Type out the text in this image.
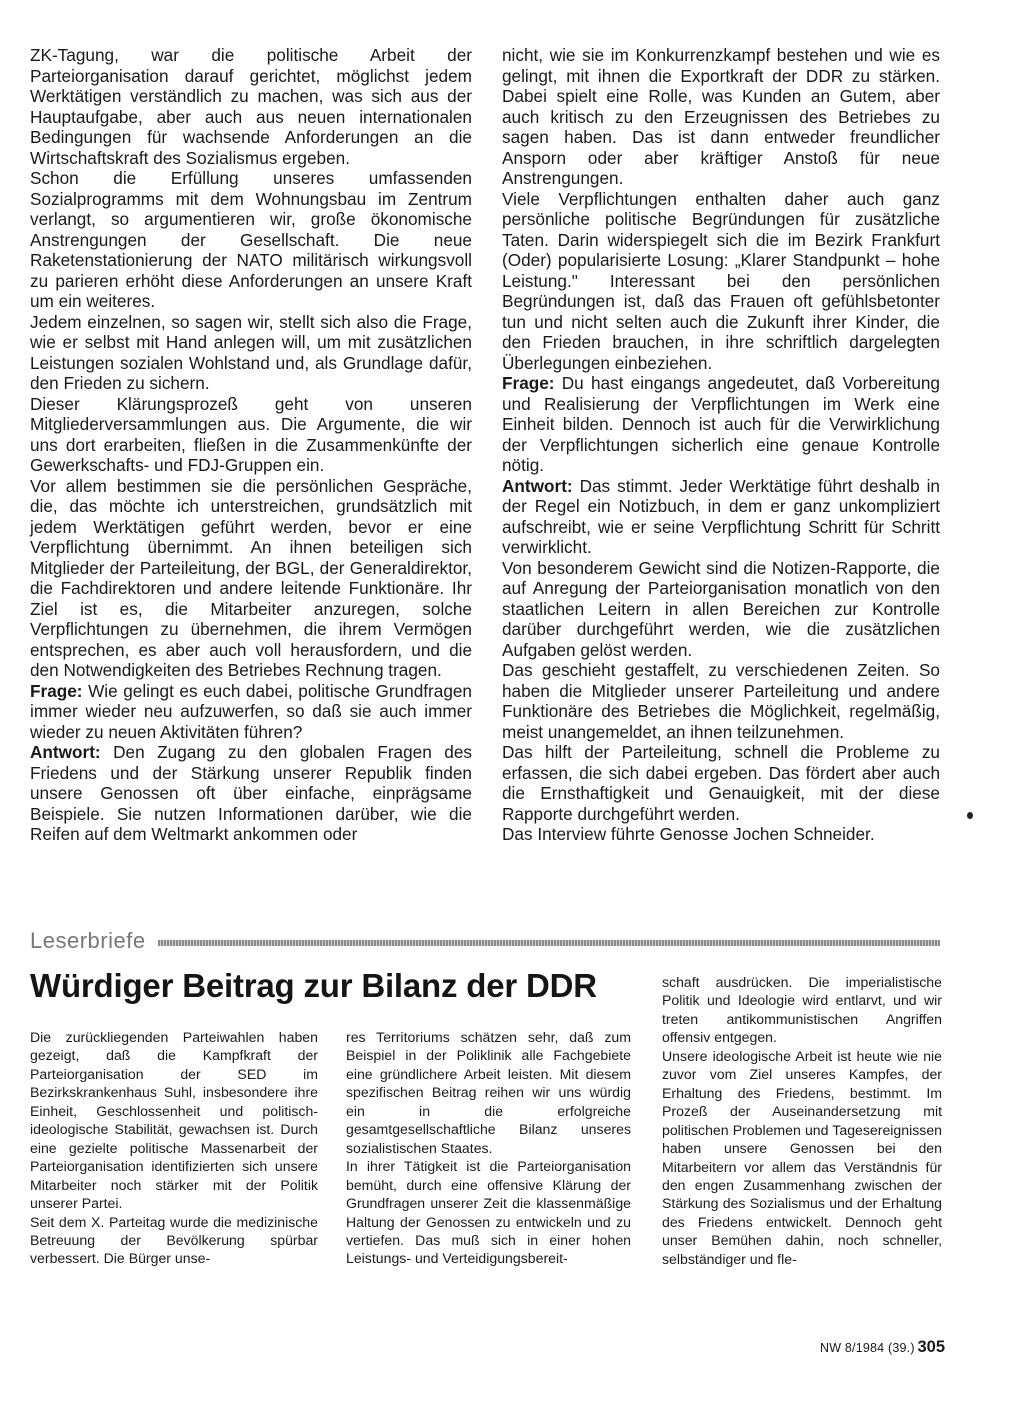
ZK-Tagung, war die politische Arbeit der Parteiorganisation darauf gerichtet, möglichst jedem Werktätigen verständlich zu machen, was sich aus der Hauptaufgabe, aber auch aus neuen internationalen Bedingungen für wachsende Anforderungen an die Wirtschaftskraft des Sozialismus ergeben.

Schon die Erfüllung unseres umfassenden Sozialprogramms mit dem Wohnungsbau im Zentrum verlangt, so argumentieren wir, große ökonomische Anstrengungen der Gesellschaft. Die neue Raketenstationierung der NATO militärisch wirkungsvoll zu parieren erhöht diese Anforderungen an unsere Kraft um ein weiteres.

Jedem einzelnen, so sagen wir, stellt sich also die Frage, wie er selbst mit Hand anlegen will, um mit zusätzlichen Leistungen sozialen Wohlstand und, als Grundlage dafür, den Frieden zu sichern.

Dieser Klärungsprozeß geht von unseren Mitgliederversammlungen aus. Die Argumente, die wir uns dort erarbeiten, fließen in die Zusammenkünfte der Gewerkschafts- und FDJ-Gruppen ein.

Vor allem bestimmen sie die persönlichen Gespräche, die, das möchte ich unterstreichen, grundsätzlich mit jedem Werktätigen geführt werden, bevor er eine Verpflichtung übernimmt. An ihnen beteiligen sich Mitglieder der Parteileitung, der BGL, der Generaldirektor, die Fachdirektoren und andere leitende Funktionäre. Ihr Ziel ist es, die Mitarbeiter anzuregen, solche Verpflichtungen zu übernehmen, die ihrem Vermögen entsprechen, es aber auch voll herausfordern, und die den Notwendigkeiten des Betriebes Rechnung tragen.

Frage: Wie gelingt es euch dabei, politische Grundfragen immer wieder neu aufzuwerfen, so daß sie auch immer wieder zu neuen Aktivitäten führen?

Antwort: Den Zugang zu den globalen Fragen des Friedens und der Stärkung unserer Republik finden unsere Genossen oft über einfache, einprägsame Beispiele. Sie nutzen Informationen darüber, wie die Reifen auf dem Weltmarkt ankommen oder

nicht, wie sie im Konkurrenzkampf bestehen und wie es gelingt, mit ihnen die Exportkraft der DDR zu stärken. Dabei spielt eine Rolle, was Kunden an Gutem, aber auch kritisch zu den Erzeugnissen des Betriebes zu sagen haben. Das ist dann entweder freundlicher Ansporn oder aber kräftiger Anstoß für neue Anstrengungen.

Viele Verpflichtungen enthalten daher auch ganz persönliche politische Begründungen für zusätzliche Taten. Darin widerspiegelt sich die im Bezirk Frankfurt (Oder) popularisierte Losung: „Klarer Standpunkt – hohe Leistung." Interessant bei den persönlichen Begründungen ist, daß das Frauen oft gefühlsbetonter tun und nicht selten auch die Zukunft ihrer Kinder, die den Frieden brauchen, in ihre schriftlich dargelegten Überlegungen einbeziehen.

Frage: Du hast eingangs angedeutet, daß Vorbereitung und Realisierung der Verpflichtungen im Werk eine Einheit bilden. Dennoch ist auch für die Verwirklichung der Verpflichtungen sicherlich eine genaue Kontrolle nötig.

Antwort: Das stimmt. Jeder Werktätige führt deshalb in der Regel ein Notizbuch, in dem er ganz unkompliziert aufschreibt, wie er seine Verpflichtung Schritt für Schritt verwirklicht.

Von besonderem Gewicht sind die Notizen-Rapporte, die auf Anregung der Parteiorganisation monatlich von den staatlichen Leitern in allen Bereichen zur Kontrolle darüber durchgeführt werden, wie die zusätzlichen Aufgaben gelöst werden.

Das geschieht gestaffelt, zu verschiedenen Zeiten. So haben die Mitglieder unserer Parteileitung und andere Funktionäre des Betriebes die Möglichkeit, regelmäßig, meist unangemeldet, an ihnen teilzunehmen.

Das hilft der Parteileitung, schnell die Probleme zu erfassen, die sich dabei ergeben. Das fördert aber auch die Ernsthaftigkeit und Genauigkeit, mit der diese Rapporte durchgeführt werden.

Das Interview führte Genosse Jochen Schneider.

Leserbriefe
Würdiger Beitrag zur Bilanz der DDR

Die zurückliegenden Parteiwahlen haben gezeigt, daß die Kampfkraft der Parteiorganisation der SED im Bezirkskrankenhaus Suhl, insbesondere ihre Einheit, Geschlossenheit und politisch-ideologische Stabilität, gewachsen ist. Durch eine gezielte politische Massenarbeit der Parteiorganisation identifizierten sich unsere Mitarbeiter noch stärker mit der Politik unserer Partei.

Seit dem X. Parteitag wurde die medizinische Betreuung der Bevölkerung spürbar verbessert. Die Bürger unse-

res Territoriums schätzen sehr, daß zum Beispiel in der Poliklinik alle Fachgebiete eine gründlichere Arbeit leisten. Mit diesem spezifischen Beitrag reihen wir uns würdig ein in die erfolgreiche gesamtgesellschaftliche Bilanz unseres sozialistischen Staates.

In ihrer Tätigkeit ist die Parteiorganisation bemüht, durch eine offensive Klärung der Grundfragen unserer Zeit die klassenmäßige Haltung der Genossen zu entwickeln und zu vertiefen. Das muß sich in einer hohen Leistungs- und Verteidigungsbereit-

schaft ausdrücken. Die imperialistische Politik und Ideologie wird entlarvt, und wir treten antikommunistischen Angriffen offensiv entgegen.

Unsere ideologische Arbeit ist heute wie nie zuvor vom Ziel unseres Kampfes, der Erhaltung des Friedens, bestimmt. Im Prozeß der Auseinandersetzung mit politischen Problemen und Tagesereignissen haben unsere Genossen bei den Mitarbeitern vor allem das Verständnis für den engen Zusammenhang zwischen der Stärkung des Sozialismus und der Erhaltung des Friedens entwickelt. Dennoch geht unser Bemühen dahin, noch schneller, selbständiger und fle-

NW 8/1984 (39.) 305
